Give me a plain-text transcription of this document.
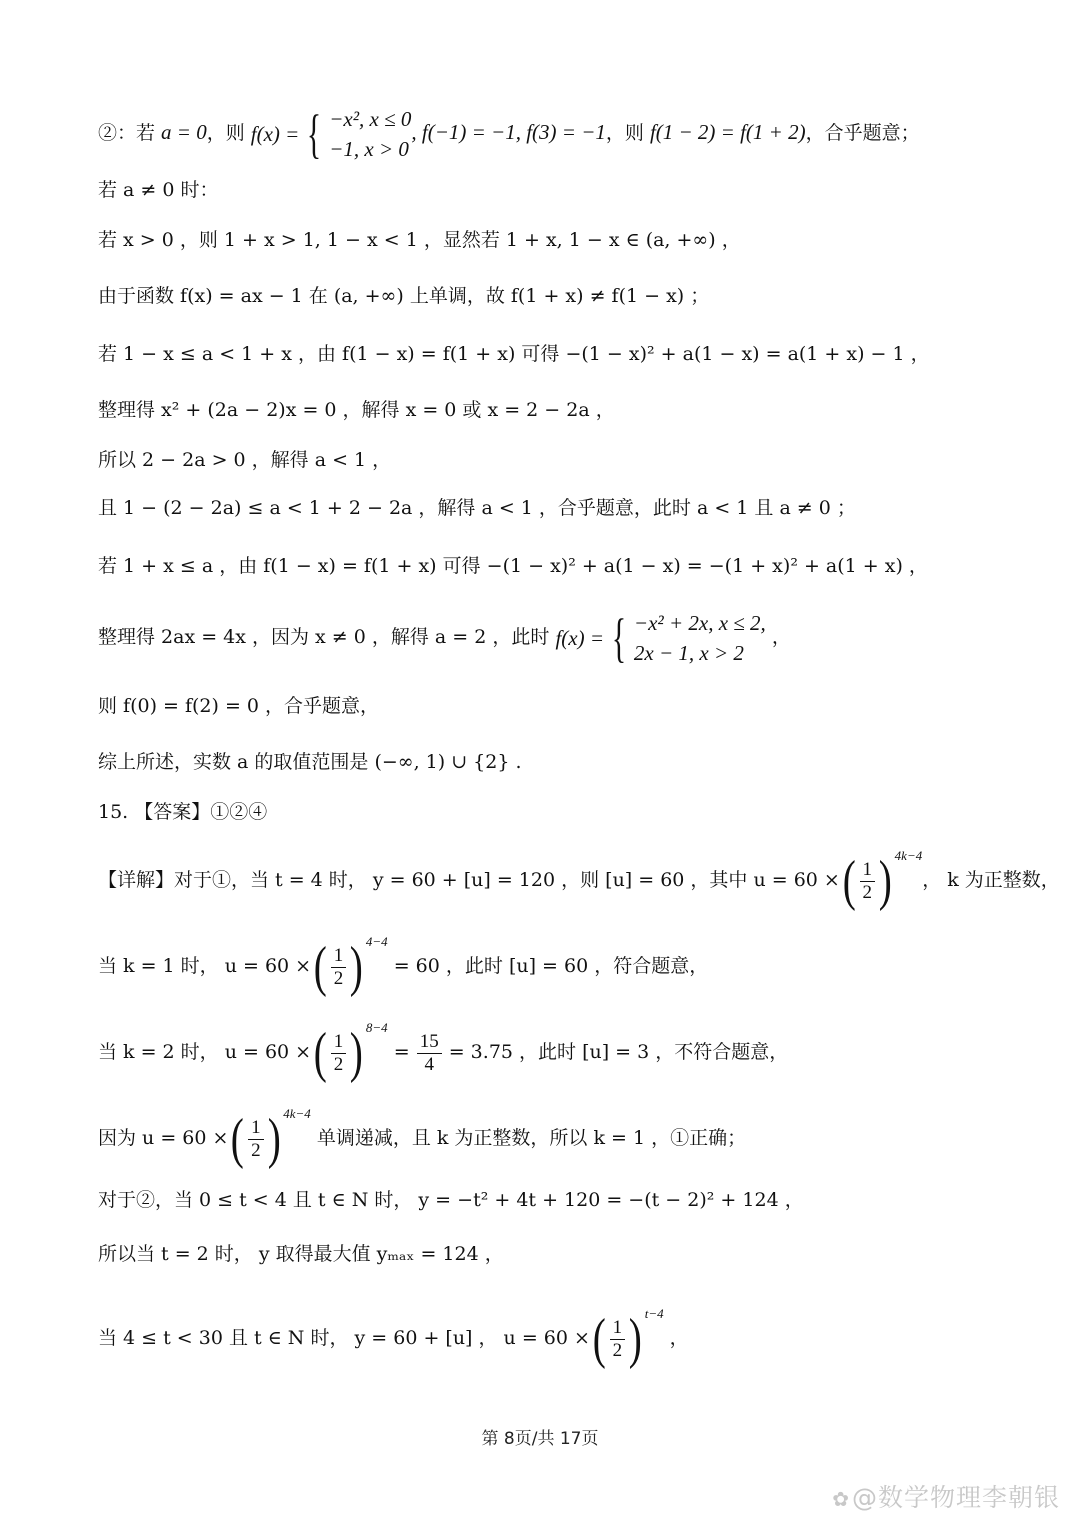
②：若 a = 0，则 f(x) = { −x², x ≤ 0
−1, x > 0
, f(−1) = −1, f(3) = −1，则 f(1 − 2) = f(1 + 2)，合乎题意；
若 a ≠ 0 时：
若 x > 0 ，则 1 + x > 1, 1 − x < 1 ，显然若 1 + x, 1 − x ∈ (a, +∞) ，
由于函数 f(x) = ax − 1 在 (a, +∞) 上单调，故 f(1 + x) ≠ f(1 − x) ；
若 1 − x ≤ a < 1 + x ，由 f(1 − x) = f(1 + x) 可得 −(1 − x)² + a(1 − x) = a(1 + x) − 1 ，
整理得 x² + (2a − 2)x = 0 ，解得 x = 0 或 x = 2 − 2a ，
所以 2 − 2a > 0 ，解得 a < 1 ，
且 1 − (2 − 2a) ≤ a < 1 + 2 − 2a ，解得 a < 1 ，合乎题意，此时 a < 1 且 a ≠ 0 ；
若 1 + x ≤ a ，由 f(1 − x) = f(1 + x) 可得 −(1 − x)² + a(1 − x) = −(1 + x)² + a(1 + x) ，
整理得 2ax = 4x ，因为 x ≠ 0 ，解得 a = 2 ，此时 f(x) = { −x² + 2x, x ≤ 2,
2x − 1, x > 2
，
则 f(0) = f(2) = 0 ，合乎题意，
综上所述，实数 a 的取值范围是 (−∞, 1) ∪ {2} .
15. 【答案】①②④
【详解】对于①，当 t = 4 时， y = 60 + [u] = 120 ，则 [u] = 60 ，其中 u = 60 ×( $\frac{1}{2}$ ) $^{4k-4}$， k 为正整数，
当 k = 1 时， u = 60 ×( $\frac{1}{2}$ ) $^{4-4}$ = 60 ，此时 [u] = 60 ，符合题意，
当 k = 2 时， u = 60 ×( $\frac{1}{2}$ ) $^{8-4} = \frac{15}{4} = 3.75$ ，此时 [u] = 3 ，不符合题意，
因为 u = 60 ×( $\frac{1}{2}$ ) $^{4k-4}$ 单调递减，且 k 为正整数，所以 k = 1 ，①正确；
对于②，当 0 ≤ t < 4 且 t ∈ N 时， y = −t² + 4t + 120 = −(t − 2)² + 124 ，
所以当 t = 2 时， y 取得最大值 yₘₐₓ = 124 ，
当 4 ≤ t < 30 且 t ∈ N 时， y = 60 + [u] ， u = 60 ×( $\frac{1}{2}$ ) $^{t-4}$ ，
第 8页/共 17页
✿@数学物理李朝银
